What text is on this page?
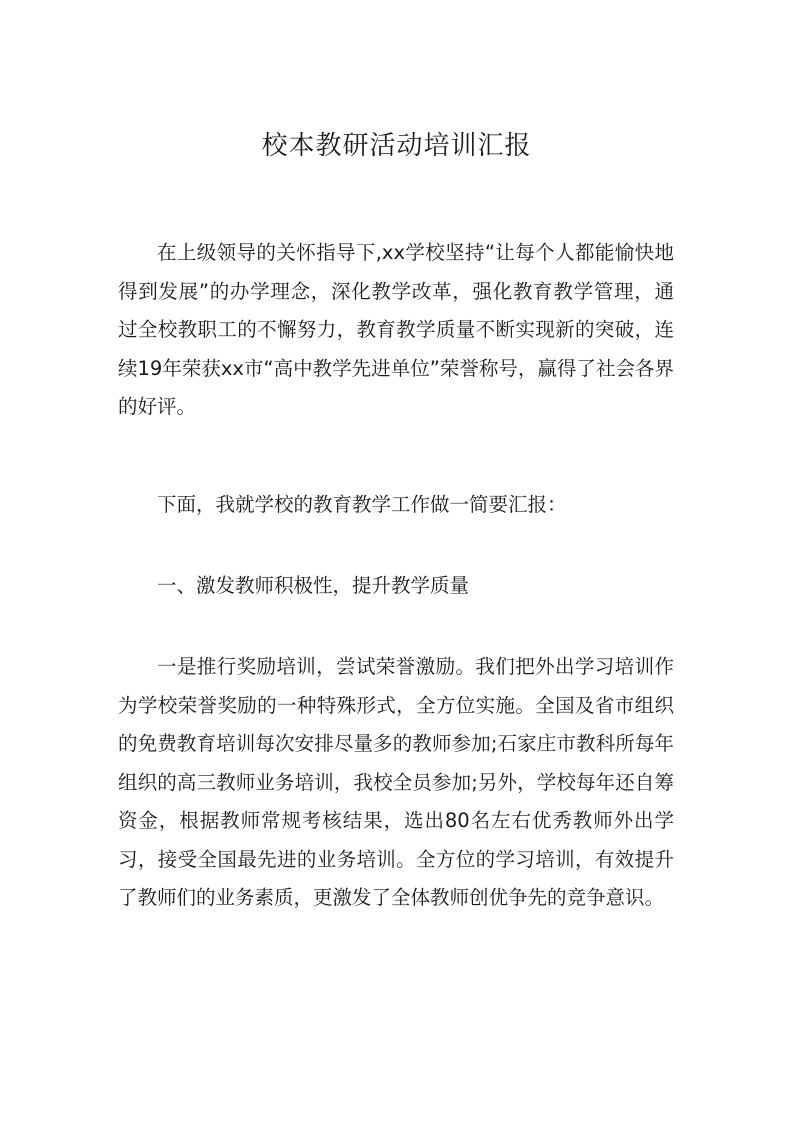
校本教研活动培训汇报

在上级领导的关怀指导下,xx学校坚持“让每个人都能愉快地得到发展”的办学理念，深化教学改革，强化教育教学管理，通过全校教职工的不懈努力，教育教学质量不断实现新的突破，连续19年荣获xx市“高中教学先进单位”荣誉称号，赢得了社会各界的好评。

下面，我就学校的教育教学工作做一简要汇报：

一、激发教师积极性，提升教学质量

一是推行奖励培训，尝试荣誉激励。我们把外出学习培训作为学校荣誉奖励的一种特殊形式，全方位实施。全国及省市组织的免费教育培训每次安排尽量多的教师参加;石家庄市教科所每年组织的高三教师业务培训，我校全员参加;另外，学校每年还自筹资金，根据教师常规考核结果，选出80名左右优秀教师外出学习，接受全国最先进的业务培训。全方位的学习培训，有效提升了教师们的业务素质，更激发了全体教师创优争先的竞争意识。
